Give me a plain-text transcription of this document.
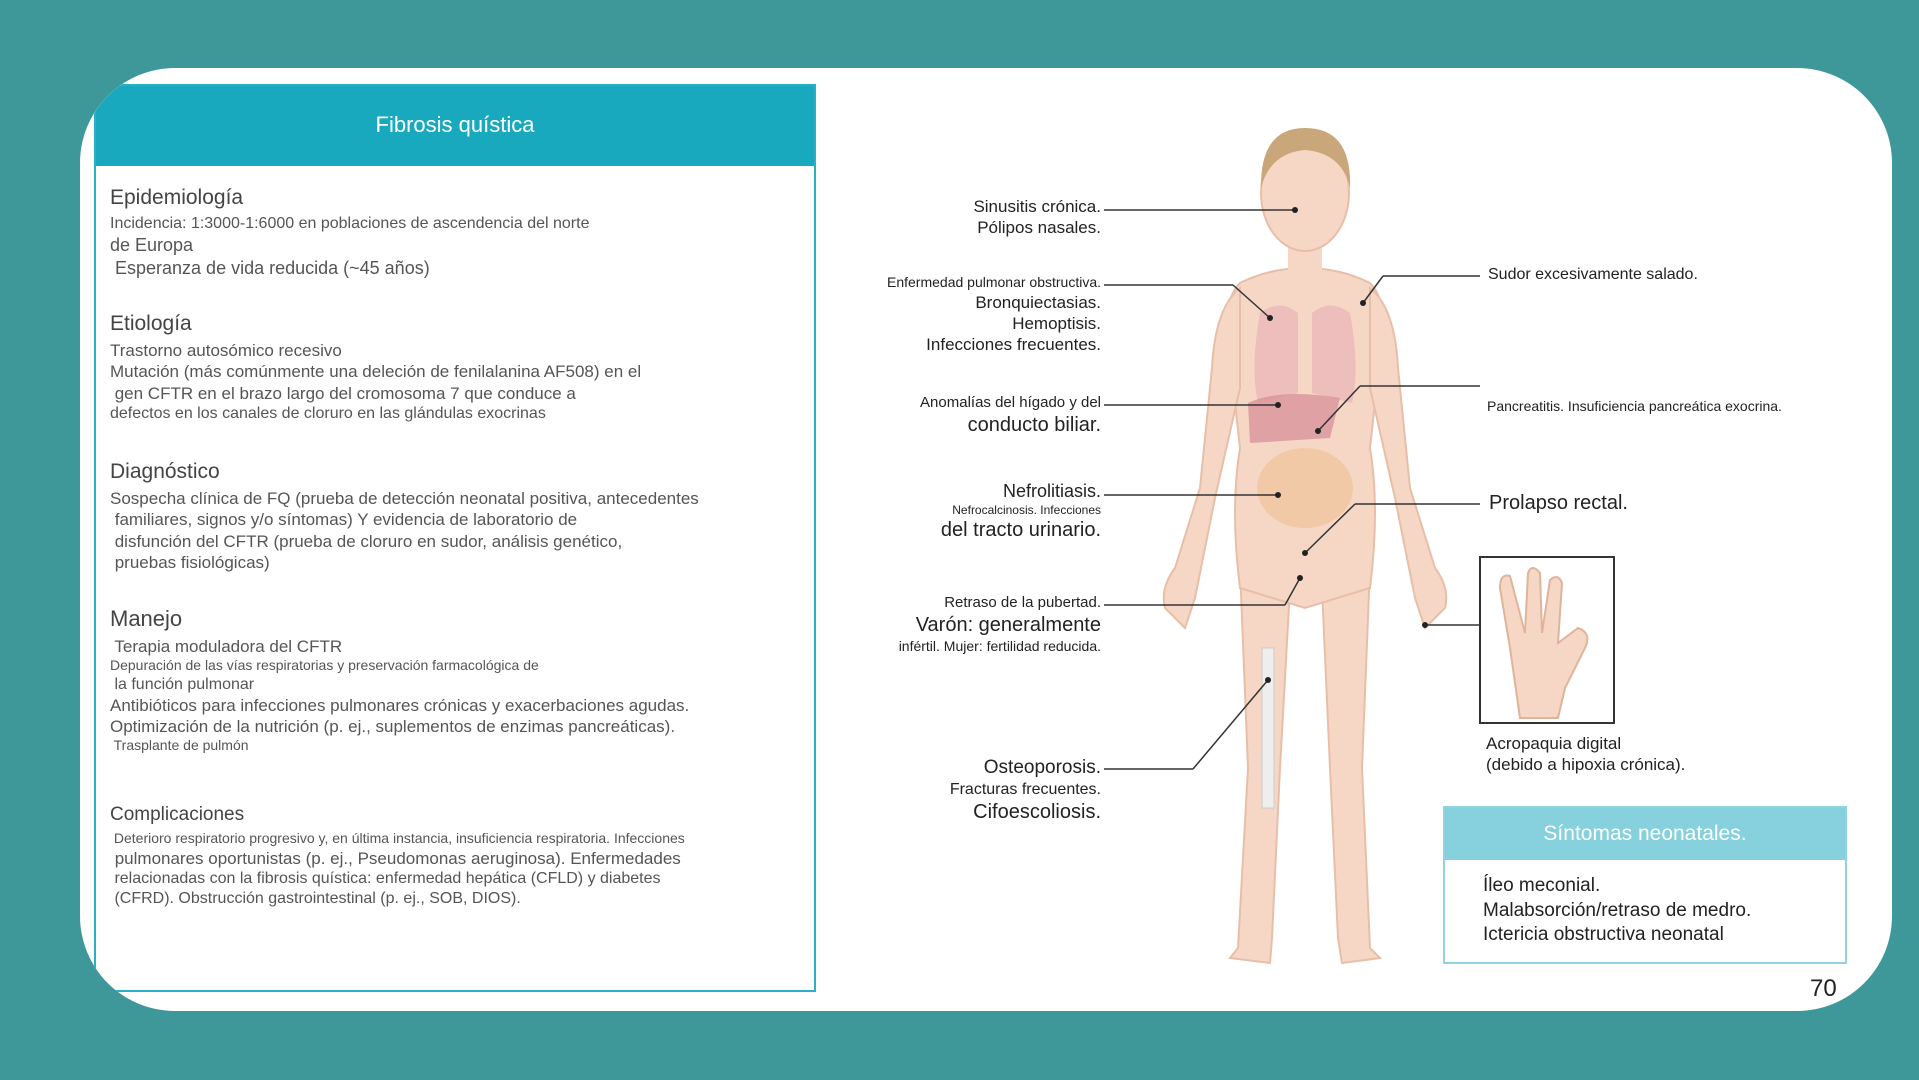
Fibrosis quística
Epidemiología

Incidencia: 1:3000-1:6000 en poblaciones de ascendencia del norte

de Europa

Esperanza de vida reducida (~45 años)

Etiología

Trastorno autosómico recesivo

Mutación (más comúnmente una deleción de fenilalanina AF508) en el

gen CFTR en el brazo largo del cromosoma 7 que conduce a

defectos en los canales de cloruro en las glándulas exocrinas

Diagnóstico

Sospecha clínica de FQ (prueba de detección neonatal positiva, antecedentes

familiares, signos y/o síntomas) Y evidencia de laboratorio de

disfunción del CFTR (prueba de cloruro en sudor, análisis genético,

pruebas fisiológicas)

Manejo

Terapia moduladora del CFTR

Depuración de las vías respiratorias y preservación farmacológica de

la función pulmonar

Antibióticos para infecciones pulmonares crónicas y exacerbaciones agudas.

Optimización de la nutrición (p. ej., suplementos de enzimas pancreáticas).

Trasplante de pulmón

Complicaciones

Deterioro respiratorio progresivo y, en última instancia, insuficiencia respiratoria. Infecciones

pulmonares oportunistas (p. ej., Pseudomonas aeruginosa). Enfermedades

relacionadas con la fibrosis quística: enfermedad hepática (CFLD) y diabetes

(CFRD). Obstrucción gastrointestinal (p. ej., SOB, DIOS).

Sinusitis crónica.
Pólipos nasales.
Enfermedad pulmonar obstructiva.
Bronquiectasias.
Hemoptisis.
Infecciones frecuentes.
Anomalías del hígado y del
conducto biliar.
Nefrolitiasis.
Nefrocalcinosis. Infecciones
del tracto urinario.
Retraso de la pubertad.
Varón: generalmente
infértil. Mujer: fertilidad reducida.
Osteoporosis.
Fracturas frecuentes.
Cifoescoliosis.
Sudor excesivamente salado.
Pancreatitis. Insuficiencia pancreática exocrina.
Prolapso rectal.
Acropaquia digital
(debido a hipoxia crónica).
Síntomas neonatales.
Íleo meconial.
Malabsorción/retraso de medro.
Ictericia obstructiva neonatal
70
